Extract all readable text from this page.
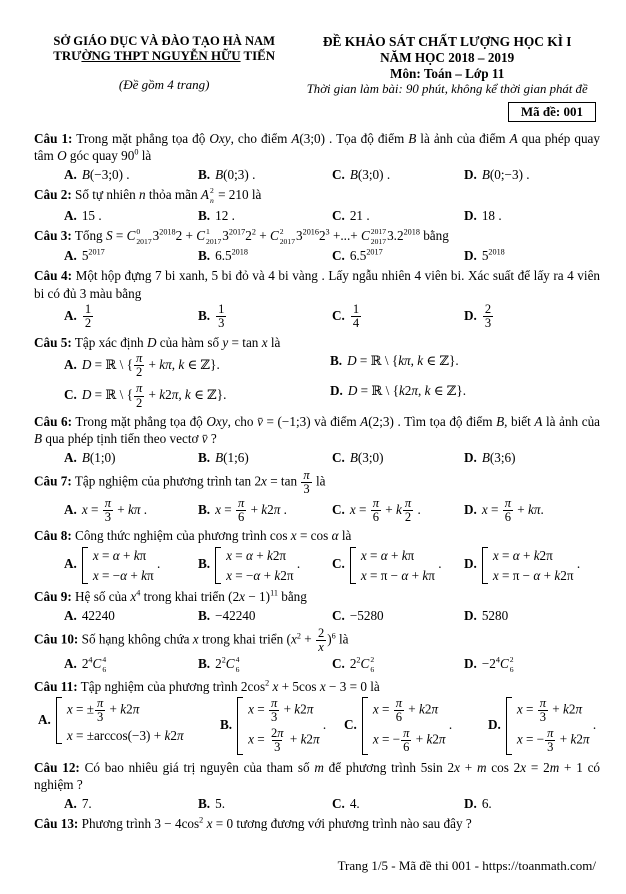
SỞ GIÁO DỤC VÀ ĐÀO TẠO HÀ NAM
TRƯỜNG THPT NGUYỄN HỮU TIẾN
(Đề gồm 4 trang)
ĐỀ KHẢO SÁT CHẤT LƯỢNG HỌC KÌ I
NĂM HỌC 2018 – 2019
Môn: Toán – Lớp 11
Thời gian làm bài: 90 phút, không kể thời gian phát đề
Mã đề: 001

Câu 1: Trong mặt phẳng tọa độ Oxy, cho điểm A(3;0) . Tọa độ điểm B là ảnh của điểm A qua phép quay tâm O góc quay $90^0$ là

A. B(−3;0) .	B. B(0;3) .	C. B(3;0) .	D. B(0;−3) .

Câu 2: Số tự nhiên n thỏa mãn A 2
n = 210 là

A. 15 .	B. 12 .	C. 21 .	D. 18 .

Câu 3: Tổng S = C 0
2017 $3^{2018}2 + C$ 1
2017 $3^{2017}2^2 + C$ 2
2017 $3^{2016}2^3$ +...+ C 2017
2017 $3.2^{2018}$ bằng

A. $5^{2017}$	B. $6.5^{2018}$	C. $6.5^{2017}$	D. $5^{2018}$

Câu 4: Một hộp đựng 7 bi xanh, 5 bi đỏ và 4 bi vàng . Lấy ngẫu nhiên 4 viên bi. Xác suất để lấy ra 4 viên bi có đủ 3 màu bằng

A. $\frac{1}{2}$	B. $\frac{1}{3}$	C. $\frac{1}{4}$	D. $\frac{2}{3}$

Câu 5: Tập xác định D của hàm số y = tan x là

A. D = ℝ \ { $\frac{\pi}{2} + k\pi$, k ∈ ℤ}.	B. D = ℝ \ {kπ, k ∈ ℤ}.
C. D = ℝ \ { $\frac{\pi}{2} + k2\pi$, k ∈ ℤ}.	D. D = ℝ \ {k2π, k ∈ ℤ}.

Câu 6: Trong mặt phẳng tọa độ Oxy, cho v̄ = (−1;3) và điểm A(2;3) . Tìm tọa độ điểm B, biết A là ảnh của B qua phép tịnh tiến theo vectơ v̄ ?

A. B(1;0)	B. B(1;6)	C. B(3;0)	D. B(3;6)

Câu 7: Tập nghiệm của phương trình $\tan 2x = \tan \frac{\pi}{3}$ là

A. $x = \frac{\pi}{3} + k\pi$ .	B. $x = \frac{\pi}{6} + k2\pi$ .	C. $x = \frac{\pi}{6} + k \frac{\pi}{2}$ .	D. $x = \frac{\pi}{6} + k\pi$.

Câu 8: Công thức nghiệm của phương trình cos x = cos α là

A.
x = α + kπ
x = −α + kπ
.	B.
x = α + k2π
x = −α + k2π
.	C.
x = α + kπ
x = π − α + kπ
.	D.
x = α + k2π
x = π − α + k2π
.

Câu 9: Hệ số của $x^4$ trong khai triển $(2x - 1)^{11}$ bằng

A. 42240	B. −42240	C. −5280	D. 5280

Câu 10: Số hạng không chứa x trong khai triển $(x^2 + \frac{2}{x} )^6$ là

A. $2^4C$ 4
6	B. $2^2C$ 4
6	C. $2^2C$ 2
6	D. $-2^4C$ 2
6

Câu 11: Tập nghiệm của phương trình $2\cos^2$ x + 5cos x − 3 = 0 là

A.
x = ± $\frac{\pi}{3} + k2\pi$
x = ±arccos(−3) + k2π
B.
$x = \frac{\pi}{3} + k2\pi$
$x = \frac{2\pi}{3} + k2\pi$
.	C.
$x = \frac{\pi}{6} + k2\pi$
x = − $\frac{\pi}{6} + k2\pi$
.	D.
$x = \frac{\pi}{3} + k2\pi$
x = − $\frac{\pi}{3} + k2\pi$
.

Câu 12: Có bao nhiêu giá trị nguyên của tham số m để phương trình 5sin 2x + m cos 2x = 2m + 1 có nghiệm ?

A. 7.	B. 5.	C. 4.	D. 6.

Câu 13: Phương trình $3 - 4\cos^2$ x = 0 tương đương với phương trình nào sau đây ?

Trang 1/5 - Mã đề thi 001 - https://toanmath.com/
